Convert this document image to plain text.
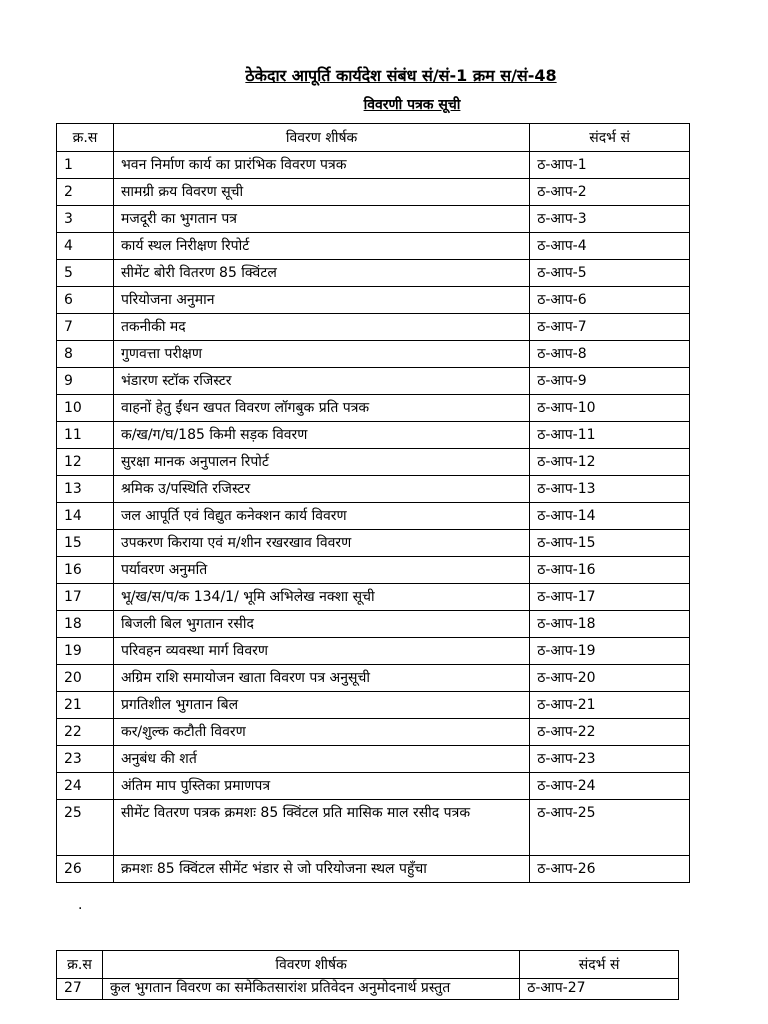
ठेकेदार आपूर्ति कार्यदेश संबंध सं/सं-1 क्रम स/सं-48
विवरणी पत्रक सूची
क्र.स	विवरण शीर्षक	संदर्भ सं
1	भवन निर्माण कार्य का प्रारंभिक विवरण पत्रक	ठ-आप-1
2	सामग्री क्रय विवरण सूची	ठ-आप-2
3	मजदूरी का भुगतान पत्र	ठ-आप-3
4	कार्य स्थल निरीक्षण रिपोर्ट	ठ-आप-4
5	सीमेंट बोरी वितरण 85 क्विंटल	ठ-आप-5
6	परियोजना अनुमान	ठ-आप-6
7	तकनीकी मद	ठ-आप-7
8	गुणवत्ता परीक्षण	ठ-आप-8
9	भंडारण स्टॉक रजिस्टर	ठ-आप-9
10	वाहनों हेतु ईंधन खपत विवरण लॉगबुक प्रति पत्रक	ठ-आप-10
11	क/ख/ग/घ/185 किमी सड़क विवरण	ठ-आप-11
12	सुरक्षा मानक अनुपालन रिपोर्ट	ठ-आप-12
13	श्रमिक उ/पस्थिति रजिस्टर	ठ-आप-13
14	जल आपूर्ति एवं विद्युत कनेक्शन कार्य विवरण	ठ-आप-14
15	उपकरण किराया एवं म/शीन रखरखाव विवरण	ठ-आप-15
16	पर्यावरण अनुमति	ठ-आप-16
17	भू/ख/स/प/क 134/1/ भूमि अभिलेख नक्शा सूची	ठ-आप-17
18	बिजली बिल भुगतान रसीद	ठ-आप-18
19	परिवहन व्यवस्था मार्ग विवरण	ठ-आप-19
20	अग्रिम राशि समायोजन खाता विवरण पत्र अनुसूची	ठ-आप-20
21	प्रगतिशील भुगतान बिल	ठ-आप-21
22	कर/शुल्क कटौती विवरण	ठ-आप-22
23	अनुबंध की शर्त	ठ-आप-23
24	अंतिम माप पुस्तिका प्रमाणपत्र	ठ-आप-24
25	सीमेंट वितरण पत्रक क्रमशः 85 क्विंटल प्रति मासिक माल रसीद पत्रक	ठ-आप-25
26	क्रमशः 85 क्विंटल सीमेंट भंडार से जो परियोजना स्थल पहुँचा	ठ-आप-26
.
क्र.स	विवरण शीर्षक	संदर्भ सं
27	कुल भुगतान विवरण का समेकितसारांश प्रतिवेदन अनुमोदनार्थ प्रस्तुत	ठ-आप-27
